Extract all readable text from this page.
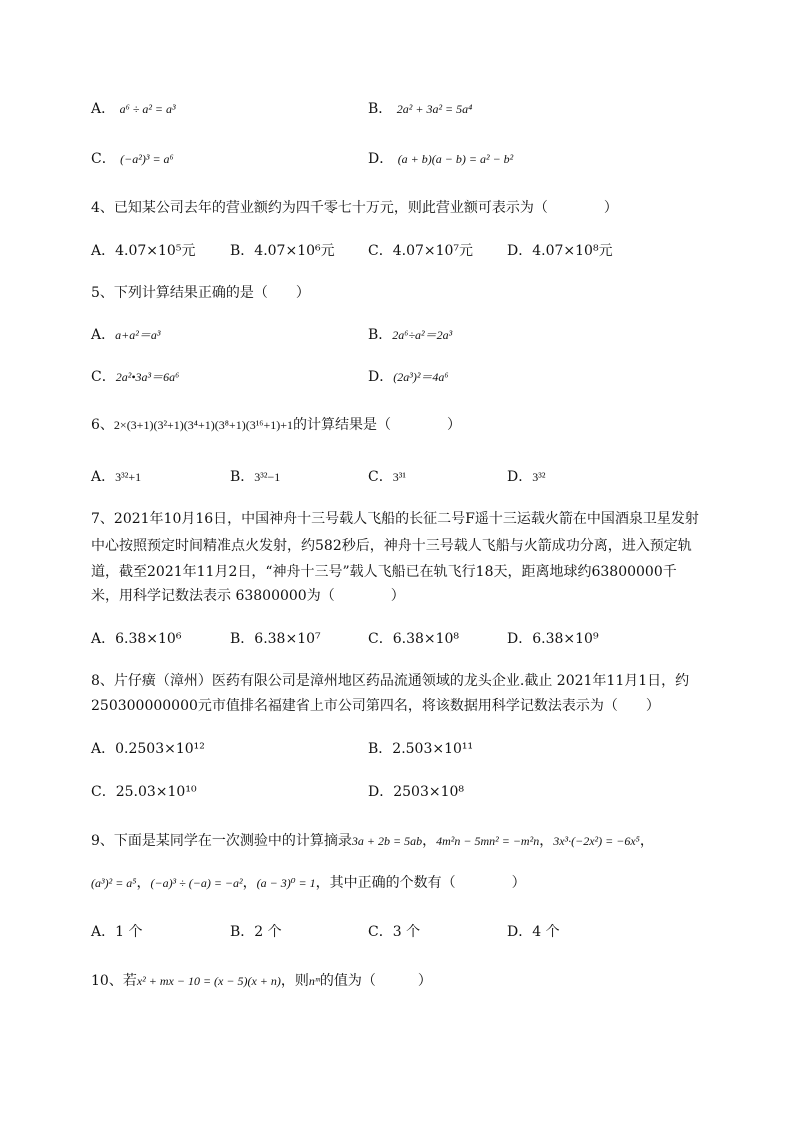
A． a⁶ ÷ a² = a³	B． 2a² + 3a² = 5a⁴
C． (−a²)³ = a⁶	D． (a + b)(a − b) = a² − b²
4、已知某公司去年的营业额约为四千零七十万元，则此营业额可表示为（　　　　）
A．4.07×10⁵元 B．4.07×10⁶元 C．4.07×10⁷元 D．4.07×10⁸元
5、下列计算结果正确的是（　　）
A．a+a²＝a³	B．2a⁶÷a²＝2a³
C．2a²•3a³＝6a⁶	D．(2a³)²＝4a⁶
6、2×(3+1)(3²+1)(3⁴+1)(3⁸+1)(3¹⁶+1)+1的计算结果是（　　　　）
A．3³²+1	B．3³²−1	C．3³¹	D．3³²
7、2021年10月16日，中国神舟十三号载人飞船的长征二号F遥十三运载火箭在中国酒泉卫星发射
中心按照预定时间精准点火发射，约582秒后，神舟十三号载人飞船与火箭成功分离，进入预定轨
道，截至2021年11月2日，“神舟十三号”载人飞船已在轨飞行18天，距离地球约63800000千
米，用科学记数法表示 63800000为（　　　　）
A．6.38×10⁶	B．6.38×10⁷	C．6.38×10⁸	D．6.38×10⁹
8、片仔癀（漳州）医药有限公司是漳州地区药品流通领域的龙头企业.截止 2021年11月1日，约
250300000000元市值排名福建省上市公司第四名，将该数据用科学记数法表示为（　　）
A．0.2503×10¹²	B．2.503×10¹¹
C．25.03×10¹⁰	D．2503×10⁸
9、下面是某同学在一次测验中的计算摘录3a + 2b = 5ab，4m²n − 5mn² = −m²n，3x³·(−2x²) = −6x⁵，
(a³)² = a⁵，(−a)³ ÷ (−a) = −a²，(a − 3)⁰ = 1，其中正确的个数有（　　　　）
A．1 个	B．2 个	C．3 个	D．4 个
10、若x² + mx − 10 = (x − 5)(x + n)，则nᵐ的值为（　　　）
